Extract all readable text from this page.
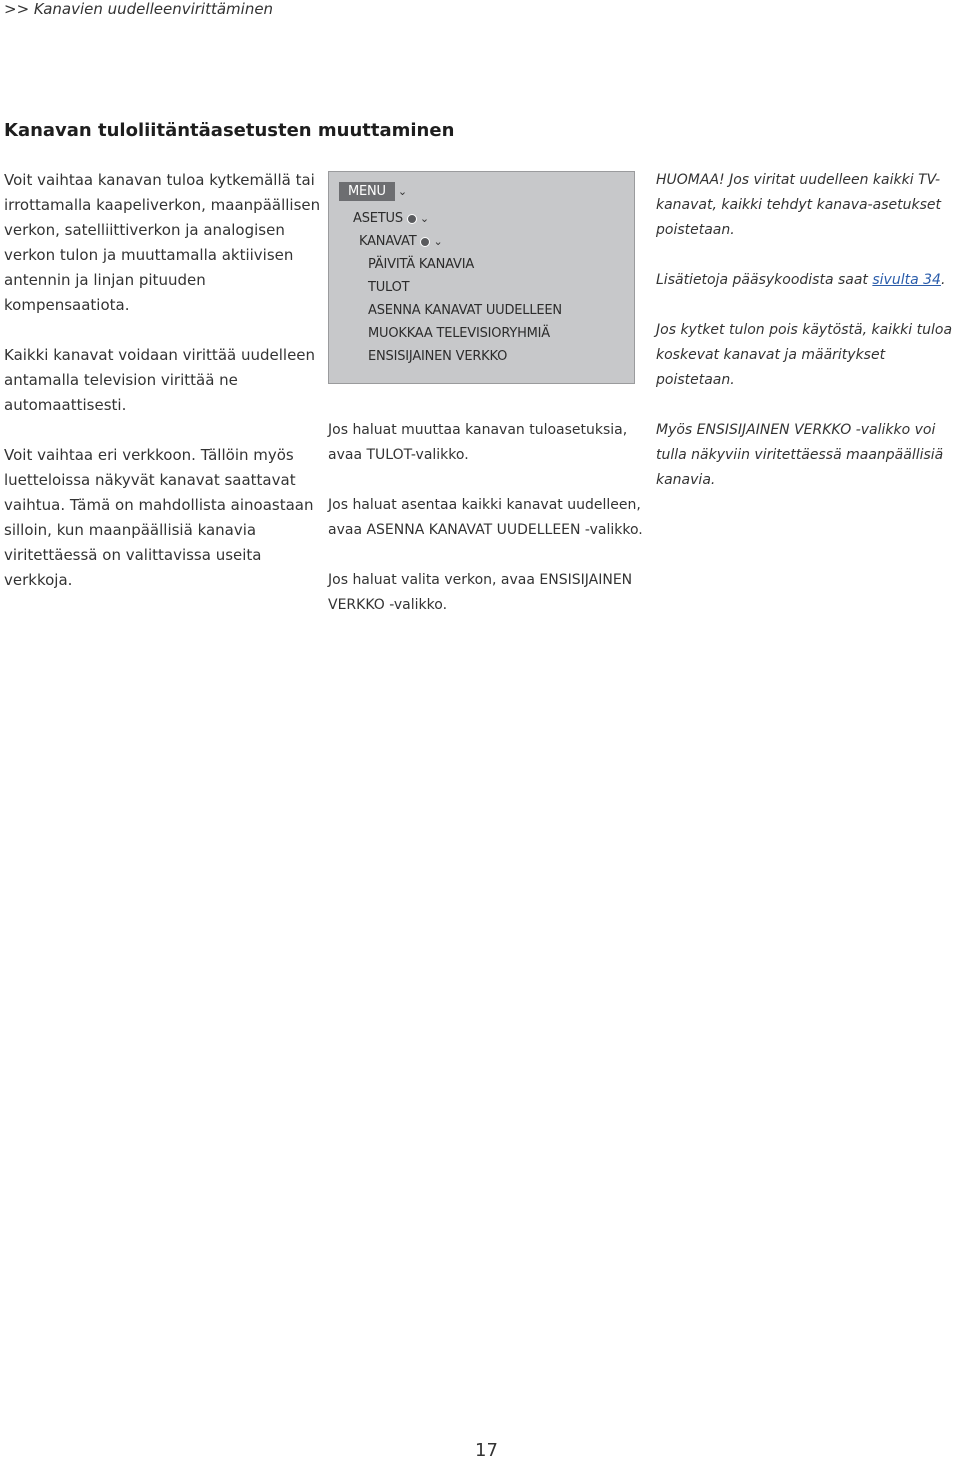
>> Kanavien uudelleenvirittäminen
Kanavan tuloliitäntäasetusten muuttaminen

Voit vaihtaa kanavan tuloa kytkemällä tai irrottamalla kaapeliverkon, maanpäällisen verkon, satelliittiverkon ja analogisen verkon tulon ja muuttamalla aktiivisen antennin ja linjan pituuden kompensaatiota.

Kaikki kanavat voidaan virittää uudelleen antamalla television virittää ne automaattisesti.

Voit vaihtaa eri verkkoon. Tällöin myös luetteloissa näkyvät kanavat saattavat vaihtua. Tämä on mahdollista ainoastaan silloin, kun maanpäällisiä kanavia viritettäessä on valittavissa useita verkkoja.

MENU ⌄
ASETUS ⌄
KANAVAT ⌄
PÄIVITÄ KANAVIA
TULOT
ASENNA KANAVAT UUDELLEEN
MUOKKAA TELEVISIORYHMIÄ
ENSISIJAINEN VERKKO

Jos haluat muuttaa kanavan tuloasetuksia, avaa TULOT-valikko.

Jos haluat asentaa kaikki kanavat uudelleen, avaa ASENNA KANAVAT UUDELLEEN -valikko.

Jos haluat valita verkon, avaa ENSISIJAINEN VERKKO -valikko.

HUOMAA! Jos viritat uudelleen kaikki TV-kanavat, kaikki tehdyt kanava-asetukset poistetaan.

Lisätietoja pääsykoodista saat sivulta 34.

Jos kytket tulon pois käytöstä, kaikki tuloa koskevat kanavat ja määritykset poistetaan.

Myös ENSISIJAINEN VERKKO -valikko voi tulla näkyviin viritettäessä maanpäällisiä kanavia.

17
